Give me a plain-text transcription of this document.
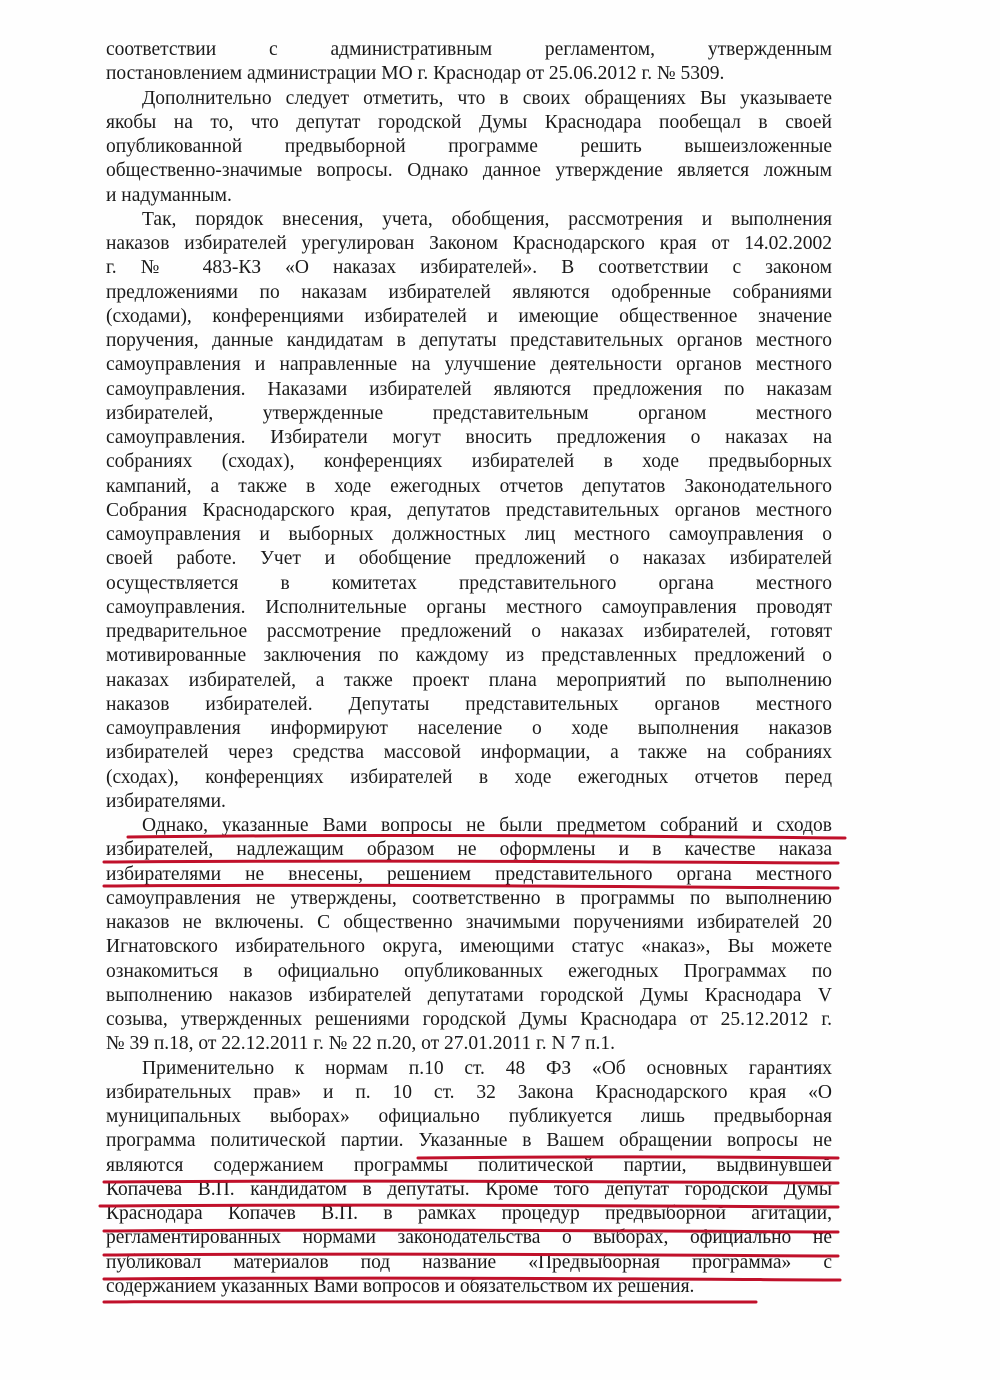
соответствии с административным регламентом, утвержденным
постановлением администрации МО г. Краснодар от 25.06.2012 г. № 5309.
Дополнительно следует отметить, что в своих обращениях Вы указываете
якобы на то, что депутат городской Думы Краснодара пообещал в своей
опубликованной предвыборной программе решить вышеизложенные
общественно-значимые вопросы. Однако данное утверждение является ложным
и надуманным.
Так, порядок внесения, учета, обобщения, рассмотрения и выполнения
наказов избирателей урегулирован Законом Краснодарского края от 14.02.2002
г. № 483-КЗ «О наказах избирателей». В соответствии с законом
предложениями по наказам избирателей являются одобренные собраниями
(сходами), конференциями избирателей и имеющие общественное значение
поручения, данные кандидатам в депутаты представительных органов местного
самоуправления и направленные на улучшение деятельности органов местного
самоуправления. Наказами избирателей являются предложения по наказам
избирателей, утвержденные представительным органом местного
самоуправления. Избиратели могут вносить предложения о наказах на
собраниях (сходах), конференциях избирателей в ходе предвыборных
кампаний, а также в ходе ежегодных отчетов депутатов Законодательного
Собрания Краснодарского края, депутатов представительных органов местного
самоуправления и выборных должностных лиц местного самоуправления о
своей работе. Учет и обобщение предложений о наказах избирателей
осуществляется в комитетах представительного органа местного
самоуправления. Исполнительные органы местного самоуправления проводят
предварительное рассмотрение предложений о наказах избирателей, готовят
мотивированные заключения по каждому из представленных предложений о
наказах избирателей, а также проект плана мероприятий по выполнению
наказов избирателей. Депутаты представительных органов местного
самоуправления информируют население о ходе выполнения наказов
избирателей через средства массовой информации, а также на собраниях
(сходах), конференциях избирателей в ходе ежегодных отчетов перед
избирателями.
Однако, указанные Вами вопросы не были предметом собраний и сходов
избирателей, надлежащим образом не оформлены и в качестве наказа
избирателями не внесены, решением представительного органа местного
самоуправления не утверждены, соответственно в программы по выполнению
наказов не включены. С общественно значимыми поручениями избирателей 20
Игнатовского избирательного округа, имеющими статус «наказ», Вы можете
ознакомиться в официально опубликованных ежегодных Программах по
выполнению наказов избирателей депутатами городской Думы Краснодара V
созыва, утвержденных решениями городской Думы Краснодара от 25.12.2012 г.
№ 39 п.18, от 22.12.2011 г. № 22 п.20, от 27.01.2011 г. N 7 п.1.
Применительно к нормам п.10 ст. 48 ФЗ «Об основных гарантиях
избирательных прав» и п. 10 ст. 32 Закона Краснодарского края «О
муниципальных выборах» официально публикуется лишь предвыборная
программа политической партии. Указанные в Вашем обращении вопросы не
являются содержанием программы политической партии, выдвинувшей
Копачева В.П. кандидатом в депутаты. Кроме того депутат городской Думы
Краснодара Копачев В.П. в рамках процедур предвыборной агитации,
регламентированных нормами законодательства о выборах, официально не
публиковал материалов под название «Предвыборная программа» с
содержанием указанных Вами вопросов и обязательством их решения.
